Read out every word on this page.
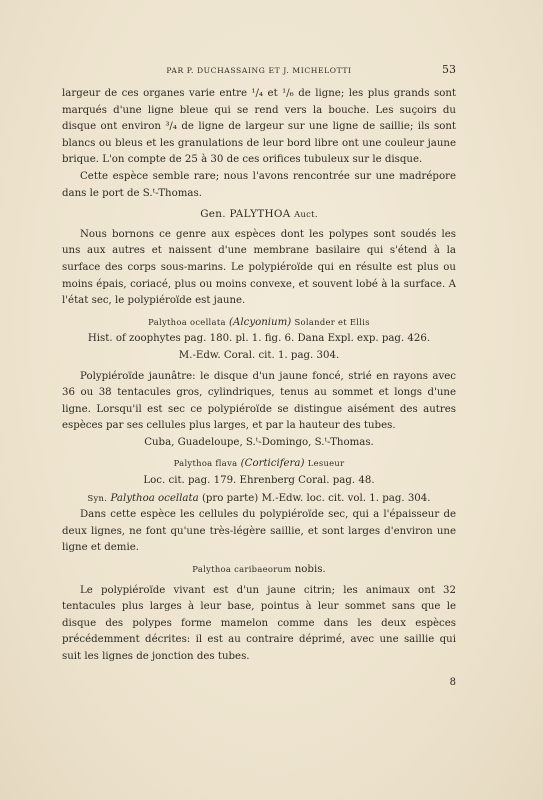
PAR P. DUCHASSAING ET J. MICHELOTTI	53

largeur de ces organes varie entre ¹/₄ et ¹/₆ de ligne; les plus grands sont marqués d'une ligne bleue qui se rend vers la bouche. Les suçoirs du disque ont environ ³/₄ de ligne de largeur sur une ligne de saillie; ils sont blancs ou bleus et les granulations de leur bord libre ont une couleur jaune brique. L'on compte de 25 à 30 de ces orifices tubuleux sur le disque.

Cette espèce semble rare; nous l'avons rencontrée sur une madrépore dans le port de S.ᵗ-Thomas.

Gen. PALYTHOA Auct.

Nous bornons ce genre aux espèces dont les polypes sont soudés les uns aux autres et naissent d'une membrane basilaire qui s'étend à la surface des corps sous-marins. Le polypiéroïde qui en résulte est plus ou moins épais, coriacé, plus ou moins convexe, et souvent lobé à la surface. A l'état sec, le polypiéroïde est jaune.

Palythoa ocellata (Alcyonium) Solander et Ellis

Hist. of zoophytes pag. 180. pl. 1. fig. 6. Dana Expl. exp. pag. 426.

M.-Edw. Coral. cit. 1. pag. 304.

Polypiéroïde jaunâtre: le disque d'un jaune foncé, strié en rayons avec 36 ou 38 tentacules gros, cylindriques, tenus au sommet et longs d'une ligne. Lorsqu'il est sec ce polypiéroïde se distingue aisément des autres espèces par ses cellules plus larges, et par la hauteur des tubes.

Cuba, Guadeloupe, S.ᵗ-Domingo, S.ᵗ-Thomas.

Palythoa flava (Corticifera) Lesueur

Loc. cit. pag. 179. Ehrenberg Coral. pag. 48.

Syn. Palythoa ocellata (pro parte) M.-Edw. loc. cit. vol. 1. pag. 304.

Dans cette espèce les cellules du polypiéroïde sec, qui a l'épaisseur de deux lignes, ne font qu'une très-légère saillie, et sont larges d'environ une ligne et demie.

Palythoa caribaeorum nobis.

Le polypiéroïde vivant est d'un jaune citrin; les animaux ont 32 tentacules plus larges à leur base, pointus à leur sommet sans que le disque des polypes forme mamelon comme dans les deux espèces précédemment décrites: il est au contraire déprimé, avec une saillie qui suit les lignes de jonction des tubes.

8
